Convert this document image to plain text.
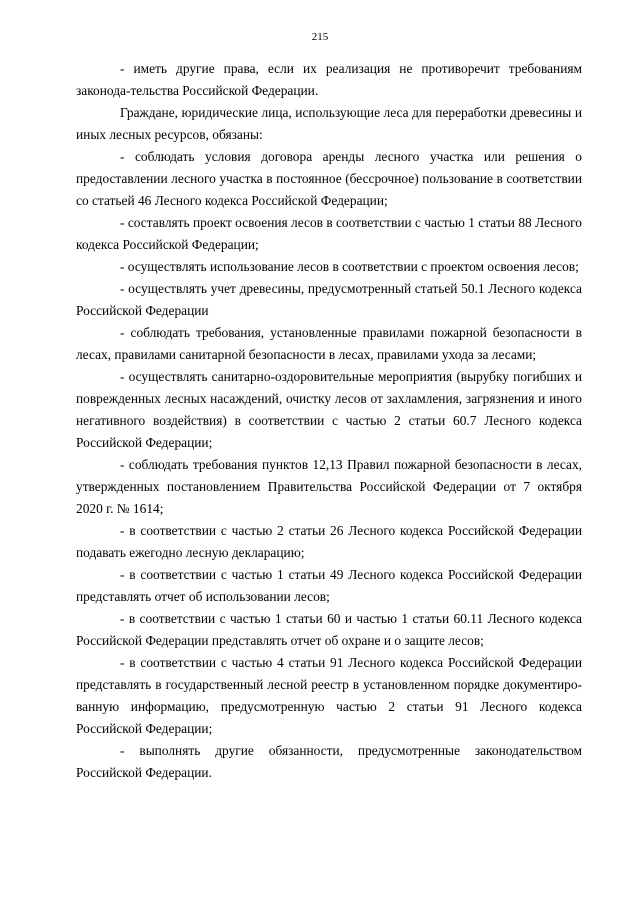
215

- иметь другие права, если их реализация не противоречит требованиям законода-тельства Российской Федерации.

Граждане, юридические лица, использующие леса для переработки древесины и иных лесных ресурсов, обязаны:

- соблюдать условия договора аренды лесного участка или решения о предоставлении лесного участка в постоянное (бессрочное) пользование в соответствии со статьей 46 Лесного кодекса Российской Федерации;

- составлять проект освоения лесов в соответствии с частью 1 статьи 88 Лесного кодекса Российской Федерации;

- осуществлять использование лесов в соответствии с проектом освоения лесов;

- осуществлять учет древесины, предусмотренный статьей 50.1 Лесного кодекса Российской Федерации

- соблюдать требования, установленные правилами пожарной безопасности в лесах, правилами санитарной безопасности в лесах, правилами ухода за лесами;

- осуществлять санитарно-оздоровительные мероприятия (вырубку погибших и поврежденных лесных насаждений, очистку лесов от захламления, загрязнения и иного негативного воздействия) в соответствии с частью 2 статьи 60.7 Лесного кодекса Российской Федерации;

- соблюдать требования пунктов 12,13 Правил пожарной безопасности в лесах, утвержденных постановлением Правительства Российской Федерации от 7 октября 2020 г. № 1614;

- в соответствии с частью 2 статьи 26 Лесного кодекса Российской Федерации подавать ежегодно лесную декларацию;

- в соответствии с частью 1 статьи 49 Лесного кодекса Российской Федерации представлять отчет об использовании лесов;

- в соответствии с частью 1 статьи 60 и частью 1 статьи 60.11 Лесного кодекса Российской Федерации представлять отчет об охране и о защите лесов;

- в соответствии с частью 4 статьи 91 Лесного кодекса Российской Федерации представлять в государственный лесной реестр в установленном порядке документиро-ванную информацию, предусмотренную частью 2 статьи 91 Лесного кодекса Российской Федерации;

- выполнять другие обязанности, предусмотренные законодательством Российской Федерации.
